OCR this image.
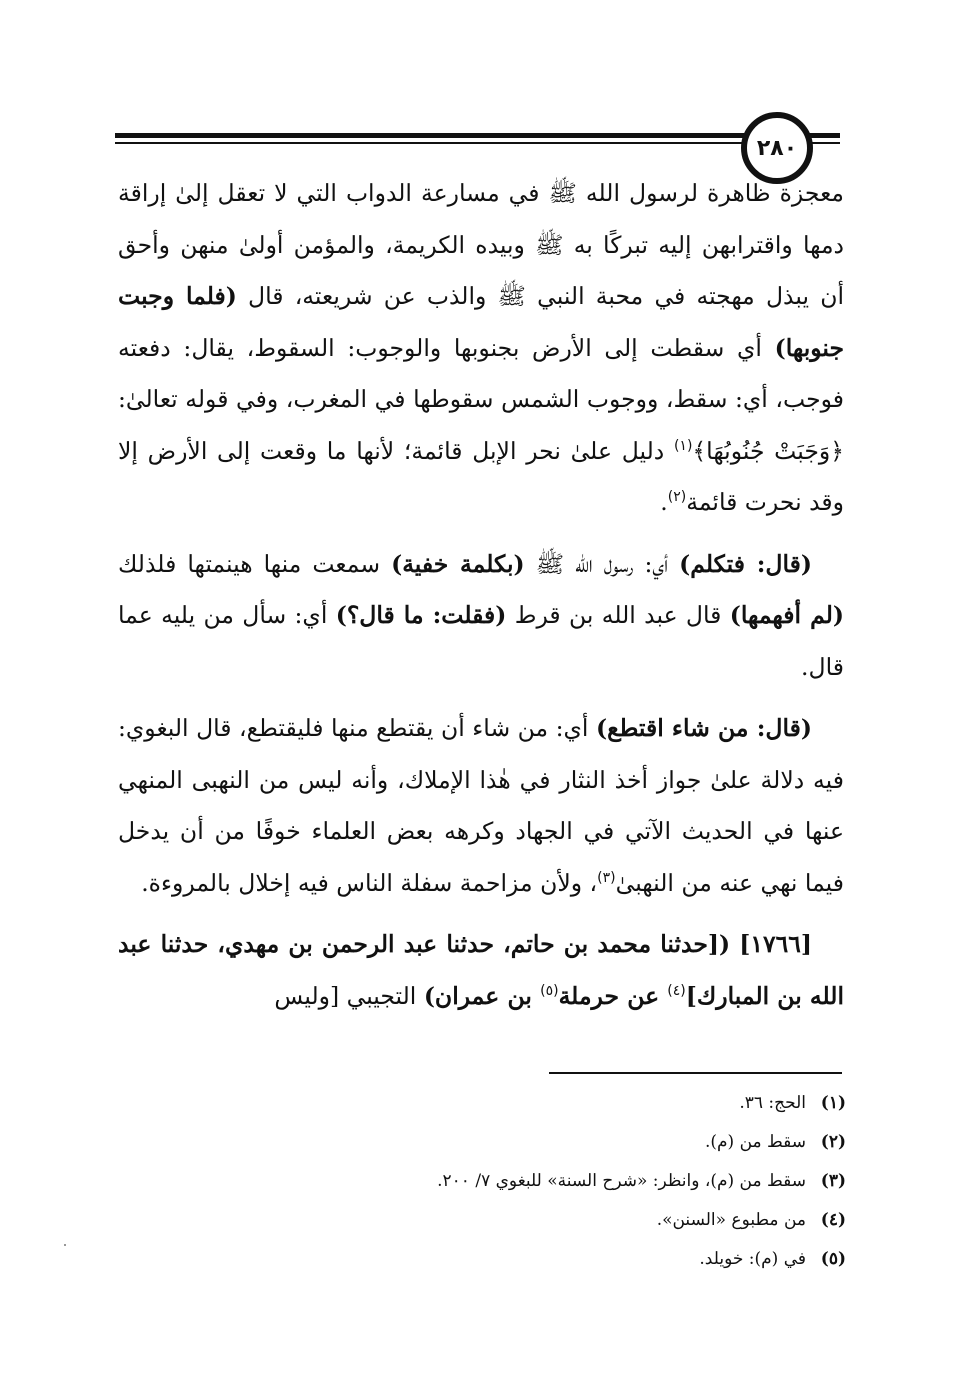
٢٨٠

معجزة ظاهرة لرسول الله ﷺ في مسارعة الدواب التي لا تعقل إلىٰ إراقة دمها واقترابهن إليه تبركًا به ﷺ وبيده الكريمة، والمؤمن أولىٰ منهن وأحق أن يبذل مهجته في محبة النبي ﷺ والذب عن شريعته، قال (فلما وجبت جنوبها) أي سقطت إلى الأرض بجنوبها والوجوب: السقوط، يقال: دفعته فوجب، أي: سقط، ووجوب الشمس سقوطها في المغرب، وفي قوله تعالىٰ: ﴿وَجَبَتْ جُنُوبُهَا﴾$^{(١)}$ دليل علىٰ نحر الإبل قائمة؛ لأنها ما وقعت إلى الأرض إلا وقد نحرت قائمة$^{(٢)}$.

(قال: فتكلم) أي: رسول الله ﷺ (بكلمة خفية) سمعت منها هينمتها فلذلك (لم أفهمها) قال عبد الله بن قرط (فقلت: ما قال؟) أي: سأل من يليه عما قال.

(قال: من شاء اقتطع) أي: من شاء أن يقتطع منها فليقتطع، قال البغوي: فيه دلالة علىٰ جواز أخذ النثار في هٰذا الإملاك، وأنه ليس من النهبى المنهي عنها في الحديث الآتي في الجهاد وكرهه بعض العلماء خوفًا من أن يدخل فيما نهي عنه من النهبىٰ$^{(٣)}$، ولأن مزاحمة سفلة الناس فيه إخلال بالمروءة.

[١٧٦٦] ([حدثنا محمد بن حاتم، حدثنا عبد الرحمن بن مهدي، حدثنا عبد الله بن المبارك]$^{(٤)}$ عن حرملة$^{(٥)}$ بن عمران) التجيبي [وليس

(١)
الحج: ٣٦.
(٢)
سقط من (م).
(٣)
سقط من (م)، وانظر: «شرح السنة» للبغوي ٧/ ٢٠٠.
(٤)
من مطبوع «السنن».
(٥)
في (م): خويلد.
